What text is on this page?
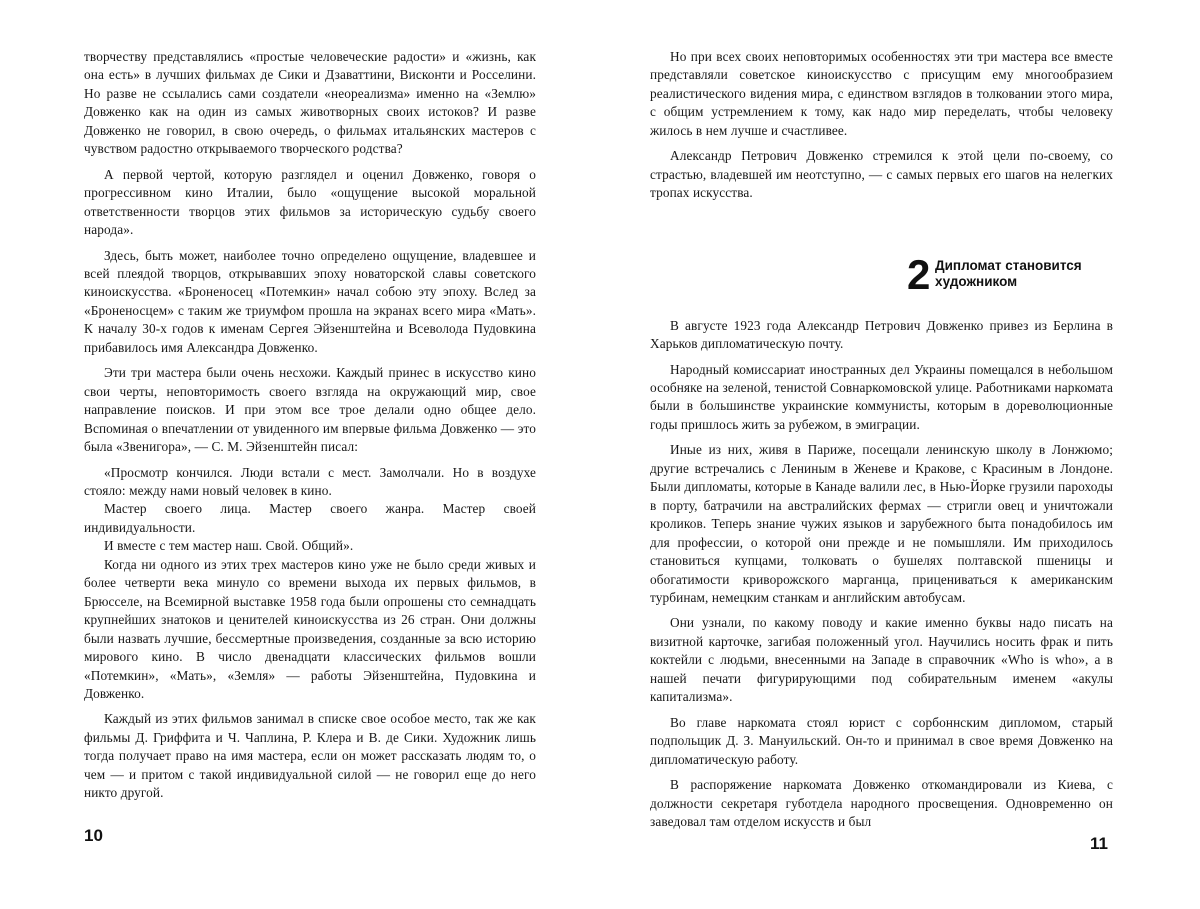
творчеству представлялись «простые человеческие радости» и «жизнь, как она есть» в лучших фильмах де Сики и Дзаваттини, Висконти и Росселини. Но разве не ссылались сами создатели «неореализма» именно на «Землю» Довженко как на один из самых животворных своих истоков? И разве Довженко не говорил, в свою очередь, о фильмах итальянских мастеров с чувством радостно открываемого творческого родства?

А первой чертой, которую разглядел и оценил Довженко, говоря о прогрессивном кино Италии, было «ощущение высокой моральной ответственности творцов этих фильмов за историческую судьбу своего народа».

Здесь, быть может, наиболее точно определено ощущение, владевшее и всей плеядой творцов, открывавших эпоху новаторской славы советского киноискусства. «Броненосец «Потемкин» начал собою эту эпоху. Вслед за «Броненосцем» с таким же триумфом прошла на экранах всего мира «Мать». К началу 30-х годов к именам Сергея Эйзенштейна и Всеволода Пудовкина прибавилось имя Александра Довженко.

Эти три мастера были очень несхожи. Каждый принес в искусство кино свои черты, неповторимость своего взгляда на окружающий мир, свое направление поисков. И при этом все трое делали одно общее дело. Вспоминая о впечатлении от увиденного им впервые фильма Довженко — это была «Звенигора», — С. М. Эйзенштейн писал:

«Просмотр кончился. Люди встали с мест. Замолчали. Но в воздухе стояло: между нами новый человек в кино.

Мастер своего лица. Мастер своего жанра. Мастер своей индивидуальности.

И вместе с тем мастер наш. Свой. Общий».

Когда ни одного из этих трех мастеров кино уже не было среди живых и более четверти века минуло со времени выхода их первых фильмов, в Брюсселе, на Всемирной выставке 1958 года были опрошены сто семнадцать крупнейших знатоков и ценителей киноискусства из 26 стран. Они должны были назвать лучшие, бессмертные произведения, созданные за всю историю мирового кино. В число двенадцати классических фильмов вошли «Потемкин», «Мать», «Земля» — работы Эйзенштейна, Пудовкина и Довженко.

Каждый из этих фильмов занимал в списке свое особое место, так же как фильмы Д. Гриффита и Ч. Чаплина, Р. Клера и В. де Сики. Художник лишь тогда получает право на имя мастера, если он может рассказать людям то, о чем — и притом с такой индивидуальной силой — не говорил еще до него никто другой.

10

Но при всех своих неповторимых особенностях эти три мастера все вместе представляли советское киноискусство с присущим ему многообразием реалистического видения мира, с единством взглядов в толковании этого мира, с общим устремлением к тому, как надо мир переделать, чтобы человеку жилось в нем лучше и счастливее.

Александр Петрович Довженко стремился к этой цели по-своему, со страстью, владевшей им неотступно, — с самых первых его шагов на нелегких тропах искусства.

2 Дипломат становится
художником

В августе 1923 года Александр Петрович Довженко привез из Берлина в Харьков дипломатическую почту.

Народный комиссариат иностранных дел Украины помещался в небольшом особняке на зеленой, тенистой Совнаркомовской улице. Работниками наркомата были в большинстве украинские коммунисты, которым в дореволюционные годы пришлось жить за рубежом, в эмиграции.

Иные из них, живя в Париже, посещали ленинскую школу в Лонжюмо; другие встречались с Лениным в Женеве и Кракове, с Красиным в Лондоне. Были дипломаты, которые в Канаде валили лес, в Нью-Йорке грузили пароходы в порту, батрачили на австралийских фермах — стригли овец и уничтожали кроликов. Теперь знание чужих языков и зарубежного быта понадобилось им для профессии, о которой они прежде и не помышляли. Им приходилось становиться купцами, толковать о бушелях полтавской пшеницы и обогатимости криворожского марганца, прицениваться к американским турбинам, немецким станкам и английским автобусам.

Они узнали, по какому поводу и какие именно буквы надо писать на визитной карточке, загибая положенный угол. Научились носить фрак и пить коктейли с людьми, внесенными на Западе в справочник «Who is who», а в нашей печати фигурирующими под собирательным именем «акулы капитализма».

Во главе наркомата стоял юрист с сорбоннским дипломом, старый подпольщик Д. З. Мануильский. Он-то и принимал в свое время Довженко на дипломатическую работу.

В распоряжение наркомата Довженко откомандировали из Киева, с должности секретаря губотдела народного просвещения. Одновременно он заведовал там отделом искусств и был

11
